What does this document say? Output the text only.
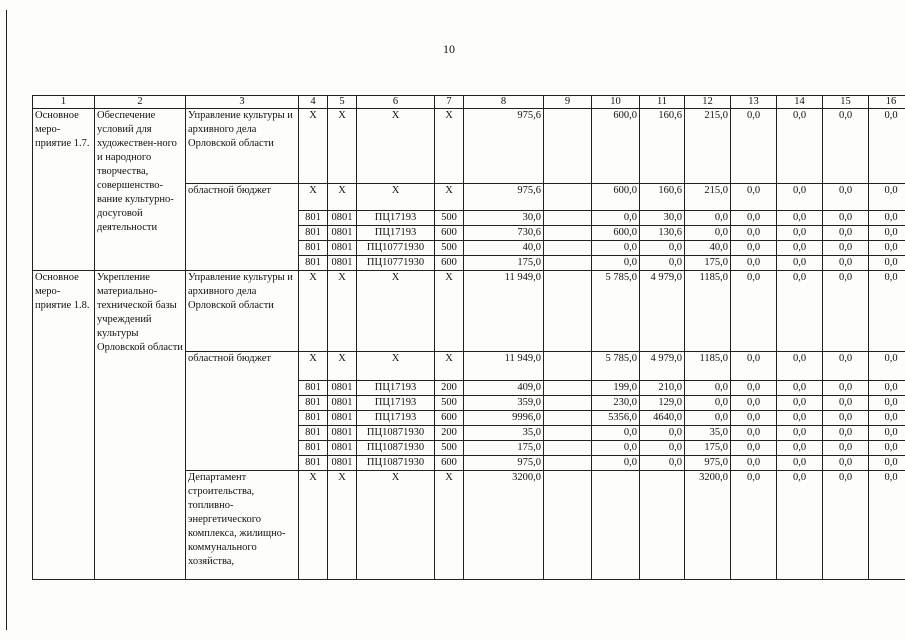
10
1	2	3	4	5	6	7	8	9	10	11	12	13	14	15	16
Основное меро-приятие 1.7.	Обеспечение условий для художествен-ного и народного творчества, совершенство-вание культурно-досуговой деятельности	Управление культуры и архивного дела Орловской области	X	X	X	X	975,6		600,0	160,6	215,0	0,0	0,0	0,0	0,0
		областной бюджет	X	X	X	X	975,6		600,0	160,6	215,0	0,0	0,0	0,0	0,0
			801	0801	ПЦ17193	500	30,0		0,0	30,0	0,0	0,0	0,0	0,0	0,0
			801	0801	ПЦ17193	600	730,6		600,0	130,6	0,0	0,0	0,0	0,0	0,0
			801	0801	ПЦ10771930	500	40,0		0,0	0,0	40,0	0,0	0,0	0,0	0,0
			801	0801	ПЦ10771930	600	175,0		0,0	0,0	175,0	0,0	0,0	0,0	0,0
Основное меро-приятие 1.8.	Укрепление материально-технической базы учреждений культуры Орловской области	Управление культуры и архивного дела Орловской области	X	X	X	X	11 949,0		5 785,0	4 979,0	1185,0	0,0	0,0	0,0	0,0
		областной бюджет	X	X	X	X	11 949,0		5 785,0	4 979,0	1185,0	0,0	0,0	0,0	0,0
			801	0801	ПЦ17193	200	409,0		199,0	210,0	0,0	0,0	0,0	0,0	0,0
			801	0801	ПЦ17193	500	359,0		230,0	129,0	0,0	0,0	0,0	0,0	0,0
			801	0801	ПЦ17193	600	9996,0		5356,0	4640,0	0,0	0,0	0,0	0,0	0,0
			801	0801	ПЦ10871930	200	35,0		0,0	0,0	35,0	0,0	0,0	0,0	0,0
			801	0801	ПЦ10871930	500	175,0		0,0	0,0	175,0	0,0	0,0	0,0	0,0
			801	0801	ПЦ10871930	600	975,0		0,0	0,0	975,0	0,0	0,0	0,0	0,0
		Департамент строительства, топливно-энергетического комплекса, жилищно-коммунального хозяйства,	X	X	X	X	3200,0				3200,0	0,0	0,0	0,0	0,0
